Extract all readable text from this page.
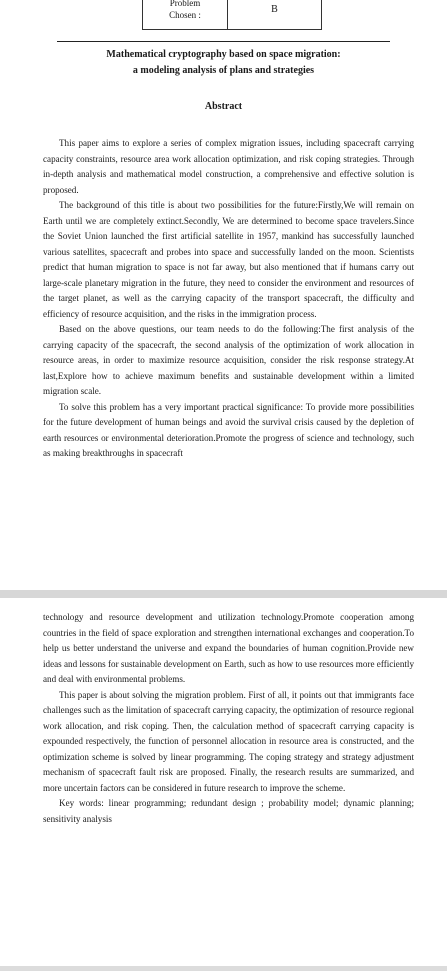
Problem
Chosen :	B
Mathematical cryptography based on space migration:
a modeling analysis of plans and strategies
Abstract

This paper aims to explore a series of complex migration issues, including spacecraft carrying capacity constraints, resource area work allocation optimization, and risk coping strategies. Through in-depth analysis and mathematical model construction, a comprehensive and effective solution is proposed.

The background of this title is about two possibilities for the future:Firstly,We will remain on Earth until we are completely extinct.Secondly, We are determined to become space travelers.Since the Soviet Union launched the first artificial satellite in 1957, mankind has successfully launched various satellites, spacecraft and probes into space and successfully landed on the moon. Scientists predict that human migration to space is not far away, but also mentioned that if humans carry out large-scale planetary migration in the future, they need to consider the environment and resources of the target planet, as well as the carrying capacity of the transport spacecraft, the difficulty and efficiency of resource acquisition, and the risks in the immigration process.

Based on the above questions, our team needs to do the following:The first analysis of the carrying capacity of the spacecraft, the second analysis of the optimization of work allocation in resource areas, in order to maximize resource acquisition, consider the risk response strategy.At last,Explore how to achieve maximum benefits and sustainable development within a limited migration scale.

To solve this problem has a very important practical significance: To provide more possibilities for the future development of human beings and avoid the survival crisis caused by the depletion of earth resources or environmental deterioration.Promote the progress of science and technology, such as making breakthroughs in spacecraft

technology and resource development and utilization technology.Promote cooperation among countries in the field of space exploration and strengthen international exchanges and cooperation.To help us better understand the universe and expand the boundaries of human cognition.Provide new ideas and lessons for sustainable development on Earth, such as how to use resources more efficiently and deal with environmental problems.

This paper is about solving the migration problem. First of all, it points out that immigrants face challenges such as the limitation of spacecraft carrying capacity, the optimization of resource regional work allocation, and risk coping. Then, the calculation method of spacecraft carrying capacity is expounded respectively, the function of personnel allocation in resource area is constructed, and the optimization scheme is solved by linear programming. The coping strategy and strategy adjustment mechanism of spacecraft fault risk are proposed. Finally, the research results are summarized, and more uncertain factors can be considered in future research to improve the scheme.

Key words: linear programming; redundant design ; probability model; dynamic planning; sensitivity analysis
